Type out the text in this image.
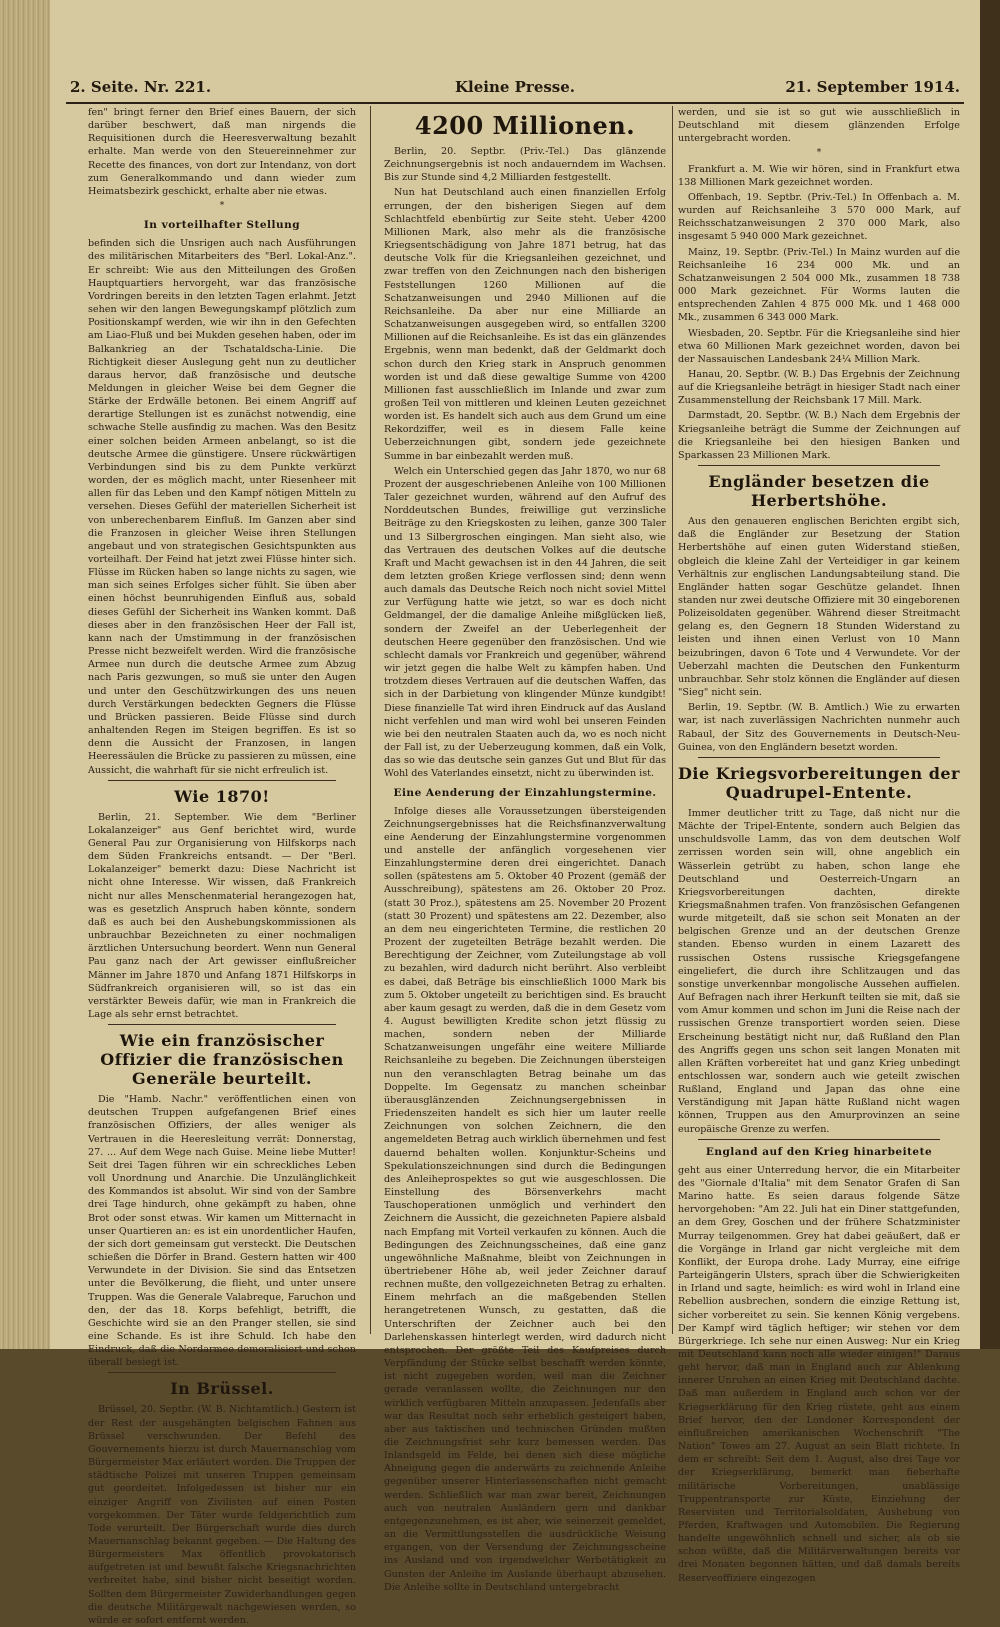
2. Seite. Nr. 221.	Kleine Presse.	21. September 1914.

fen" bringt ferner den Brief eines Bauern, der sich darüber beschwert, daß man nirgends die Requisitionen durch die Heeresverwaltung bezahlt erhalte. Man werde von den Steuereinnehmer zur Recette des finances, von dort zur Intendanz, von dort zum Generalkommando und dann wieder zum Heimatsbezirk geschickt, erhalte aber nie etwas.

*
In vorteilhafter Stellung

befinden sich die Unsrigen auch nach Ausführungen des militärischen Mitarbeiters des "Berl. Lokal-Anz.". Er schreibt: Wie aus den Mitteilungen des Großen Hauptquartiers hervorgeht, war das französische Vordringen bereits in den letzten Tagen erlahmt. Jetzt sehen wir den langen Bewegungskampf plötzlich zum Positionskampf werden, wie wir ihn in den Gefechten am Liao-Fluß und bei Mukden gesehen haben, oder im Balkankrieg an der Tschataldscha-Linie. Die Richtigkeit dieser Auslegung geht nun zu deutlicher daraus hervor, daß französische und deutsche Meldungen in gleicher Weise bei dem Gegner die Stärke der Erdwälle betonen. Bei einem Angriff auf derartige Stellungen ist es zunächst notwendig, eine schwache Stelle ausfindig zu machen. Was den Besitz einer solchen beiden Armeen anbelangt, so ist die deutsche Armee die günstigere. Unsere rückwärtigen Verbindungen sind bis zu dem Punkte verkürzt worden, der es möglich macht, unter Riesenheer mit allen für das Leben und den Kampf nötigen Mitteln zu versehen. Dieses Gefühl der materiellen Sicherheit ist von unberechenbarem Einfluß. Im Ganzen aber sind die Franzosen in gleicher Weise ihren Stellungen angebaut und von strategischen Gesichtspunkten aus vorteilhaft. Der Feind hat jetzt zwei Flüsse hinter sich. Flüsse im Rücken haben so lange nichts zu sagen, wie man sich seines Erfolges sicher fühlt. Sie üben aber einen höchst beunruhigenden Einfluß aus, sobald dieses Gefühl der Sicherheit ins Wanken kommt. Daß dieses aber in den französischen Heer der Fall ist, kann nach der Umstimmung in der französischen Presse nicht bezweifelt werden. Wird die französische Armee nun durch die deutsche Armee zum Abzug nach Paris gezwungen, so muß sie unter den Augen und unter den Geschützwirkungen des uns neuen durch Verstärkungen bedeckten Gegners die Flüsse und Brücken passieren. Beide Flüsse sind durch anhaltenden Regen im Steigen begriffen. Es ist so denn die Aussicht der Franzosen, in langen Heeressäulen die Brücke zu passieren zu müssen, eine Aussicht, die wahrhaft für sie nicht erfreulich ist.

Wie 1870!

Berlin, 21. September. Wie dem "Berliner Lokalanzeiger" aus Genf berichtet wird, wurde General Pau zur Organisierung von Hilfskorps nach dem Süden Frankreichs entsandt. — Der "Berl. Lokalanzeiger" bemerkt dazu: Diese Nachricht ist nicht ohne Interesse. Wir wissen, daß Frankreich nicht nur alles Menschenmaterial herangezogen hat, was es gesetzlich Anspruch haben könnte, sondern daß es auch bei den Aushebungskommissionen als unbrauchbar Bezeichneten zu einer nochmaligen ärztlichen Untersuchung beordert. Wenn nun General Pau ganz nach der Art gewisser einflußreicher Männer im Jahre 1870 und Anfang 1871 Hilfskorps in Südfrankreich organisieren will, so ist das ein verstärkter Beweis dafür, wie man in Frankreich die Lage als sehr ernst betrachtet.

Wie ein französischer Offizier die französischen Generäle beurteilt.

Die "Hamb. Nachr." veröffentlichen einen von deutschen Truppen aufgefangenen Brief eines französischen Offiziers, der alles weniger als Vertrauen in die Heeresleitung verrät: Donnerstag, 27. ... Auf dem Wege nach Guise. Meine liebe Mutter! Seit drei Tagen führen wir ein schreckliches Leben voll Unordnung und Anarchie. Die Unzulänglichkeit des Kommandos ist absolut. Wir sind von der Sambre drei Tage hindurch, ohne gekämpft zu haben, ohne Brot oder sonst etwas. Wir kamen um Mitternacht in unser Quartieren an: es ist ein unordentlicher Haufen, der sich dort gemeinsam gut versteckt. Die Deutschen schießen die Dörfer in Brand. Gestern hatten wir 400 Verwundete in der Division. Sie sind das Entsetzen unter die Bevölkerung, die flieht, und unter unsere Truppen. Was die Generale Valabreque, Faruchon und den, der das 18. Korps befehligt, betrifft, die Geschichte wird sie an den Pranger stellen, sie sind eine Schande. Es ist ihre Schuld. Ich habe den Eindruck, daß die Nordarmee demoralisiert und schon überall besiegt ist.

In Brüssel.

Brüssel, 20. Septbr. (W. B. Nichtamtlich.) Gestern ist der Rest der ausgehängten belgischen Fahnen aus Brüssel verschwunden. Der Befehl des Gouvernements hierzu ist durch Mauernanschlag vom Bürgermeister Max erläutert worden. Die Truppen der städtische Polizei mit unseren Truppen gemeinsam gut geordeitet. Infolgedessen ist bisher nur ein einziger Angriff von Zivilisten auf einen Posten vorgekommen. Der Täter wurde feldgerichtlich zum Tode verurteilt. Der Bürgerschaft wurde dies durch Mauernanschlag bekannt gegeben. — Die Haltung des Bürgermeisters Max öffentlich provokatorisch aufgetreten ist und bewußt falsche Kriegsnachrichten verbreitet habe, sind bisher nicht beseitigt worden. Sollten dem Bürgermeister Zuwiderhandlungen gegen die deutsche Militärgewalt nachgewiesen werden, so würde er sofort entfernt werden.

4200 Millionen.

Berlin, 20. Septbr. (Priv.-Tel.) Das glänzende Zeichnungsergebnis ist noch andauerndem im Wachsen. Bis zur Stunde sind 4,2 Milliarden festgestellt.

Nun hat Deutschland auch einen finanziellen Erfolg errungen, der den bisherigen Siegen auf dem Schlachtfeld ebenbürtig zur Seite steht. Ueber 4200 Millionen Mark, also mehr als die französische Kriegsentschädigung von Jahre 1871 betrug, hat das deutsche Volk für die Kriegsanleihen gezeichnet, und zwar treffen von den Zeichnungen nach den bisherigen Feststellungen 1260 Millionen auf die Schatzanweisungen und 2940 Millionen auf die Reichsanleihe. Da aber nur eine Milliarde an Schatzanweisungen ausgegeben wird, so entfallen 3200 Millionen auf die Reichsanleihe. Es ist das ein glänzendes Ergebnis, wenn man bedenkt, daß der Geldmarkt doch schon durch den Krieg stark in Anspruch genommen worden ist und daß diese gewaltige Summe von 4200 Millionen fast ausschließlich im Inlande und zwar zum großen Teil von mittleren und kleinen Leuten gezeichnet worden ist. Es handelt sich auch aus dem Grund um eine Rekordziffer, weil es in diesem Falle keine Ueberzeichnungen gibt, sondern jede gezeichnete Summe in bar einbezahlt werden muß.

Welch ein Unterschied gegen das Jahr 1870, wo nur 68 Prozent der ausgeschriebenen Anleihe von 100 Millionen Taler gezeichnet wurden, während auf den Aufruf des Norddeutschen Bundes, freiwillige gut verzinsliche Beiträge zu den Kriegskosten zu leihen, ganze 300 Taler und 13 Silbergroschen eingingen. Man sieht also, wie das Vertrauen des deutschen Volkes auf die deutsche Kraft und Macht gewachsen ist in den 44 Jahren, die seit dem letzten großen Kriege verflossen sind; denn wenn auch damals das Deutsche Reich noch nicht soviel Mittel zur Verfügung hatte wie jetzt, so war es doch nicht Geldmangel, der die damalige Anleihe mißglücken ließ, sondern der Zweifel an der Ueberlegenheit der deutschen Heere gegenüber den französischen. Und wie schlecht damals vor Frankreich und gegenüber, während wir jetzt gegen die halbe Welt zu kämpfen haben. Und trotzdem dieses Vertrauen auf die deutschen Waffen, das sich in der Darbietung von klingender Münze kundgibt! Diese finanzielle Tat wird ihren Eindruck auf das Ausland nicht verfehlen und man wird wohl bei unseren Feinden wie bei den neutralen Staaten auch da, wo es noch nicht der Fall ist, zu der Ueberzeugung kommen, daß ein Volk, das so wie das deutsche sein ganzes Gut und Blut für das Wohl des Vaterlandes einsetzt, nicht zu überwinden ist.

Eine Aenderung der Einzahlungstermine.

Infolge dieses alle Voraussetzungen übersteigenden Zeichnungsergebnisses hat die Reichsfinanzverwaltung eine Aenderung der Einzahlungstermine vorgenommen und anstelle der anfänglich vorgesehenen vier Einzahlungstermine deren drei eingerichtet. Danach sollen (spätestens am 5. Oktober 40 Prozent (gemäß der Ausschreibung), spätestens am 26. Oktober 20 Proz. (statt 30 Proz.), spätestens am 25. November 20 Prozent (statt 30 Prozent) und spätestens am 22. Dezember, also an dem neu eingerichteten Termine, die restlichen 20 Prozent der zugeteilten Beträge bezahlt werden. Die Berechtigung der Zeichner, vom Zuteilungstage ab voll zu bezahlen, wird dadurch nicht berührt. Also verbleibt es dabei, daß Beträge bis einschließlich 1000 Mark bis zum 5. Oktober ungeteilt zu berichtigen sind. Es braucht aber kaum gesagt zu werden, daß die in dem Gesetz vom 4. August bewilligten Kredite schon jetzt flüssig zu machen, sondern neben der Milliarde Schatzanweisungen ungefähr eine weitere Milliarde Reichsanleihe zu begeben. Die Zeichnungen übersteigen nun den veranschlagten Betrag beinahe um das Doppelte. Im Gegensatz zu manchen scheinbar überausglänzenden Zeichnungsergebnissen in Friedenszeiten handelt es sich hier um lauter reelle Zeichnungen von solchen Zeichnern, die den angemeldeten Betrag auch wirklich übernehmen und fest dauernd behalten wollen. Konjunktur-Scheins und Spekulationszeichnungen sind durch die Bedingungen des Anleiheprospektes so gut wie ausgeschlossen. Die Einstellung des Börsenverkehrs macht Tauschoperationen unmöglich und verhindert den Zeichnern die Aussicht, die gezeichneten Papiere alsbald nach Empfang mit Vorteil verkaufen zu können. Auch die Bedingungen des Zeichnungsscheines, daß eine ganz ungewöhnliche Maßnahme, bleibt von Zeichnungen in übertriebener Höhe ab, weil jeder Zeichner darauf rechnen mußte, den vollgezeichneten Betrag zu erhalten. Einem mehrfach an die maßgebenden Stellen herangetretenen Wunsch, zu gestatten, daß die Unterschriften der Zeichner auch bei den Darlehenskassen hinterlegt werden, wird dadurch nicht entsprochen. Der größte Teil des Kaufpreises durch Verpfändung der Stücke selbst beschafft werden könnte, ist nicht zugegeben worden, weil man die Zeichner gerade veranlassen wollte, die Zeichnungen nur den wirklich verfügbaren Mitteln anzupassen. Jedenfalls aber war das Resultat noch sehr erheblich gesteigert haben, aber aus taktischen und technischen Gründen mußten die Zeichnungsfrist sehr kurz bemessen werden. Das Inlandsgeld im Felde, bei denen sich diese mögliche Abneigung gegen die anderwärts zu zeichnende Anleihe gegenüber unserer Hinterlassenschaften nicht gemacht werden. Schließlich war man zwar bereit, Zeichnungen auch von neutralen Ausländern gern und dankbar entgegenzunehmen, es ist aber, wie seinerzeit gemeldet, an die Vermittlungsstellen die ausdrückliche Weisung ergangen, von der Versendung der Zeichnungsscheine ins Ausland und von irgendwelcher Werbetätigkeit zu Gunsten der Anleihe im Auslande überhaupt abzusehen. Die Anleihe sollte in Deutschland untergebracht

werden, und sie ist so gut wie ausschließlich in Deutschland mit diesem glänzenden Erfolge untergebracht worden.

*

Frankfurt a. M. Wie wir hören, sind in Frankfurt etwa 138 Millionen Mark gezeichnet worden.

Offenbach, 19. Septbr. (Priv.-Tel.) In Offenbach a. M. wurden auf Reichsanleihe 3 570 000 Mark, auf Reichsschatzanweisungen 2 370 000 Mark, also insgesamt 5 940 000 Mark gezeichnet.

Mainz, 19. Septbr. (Priv.-Tel.) In Mainz wurden auf die Reichsanleihe 16 234 000 Mk. und an Schatzanweisungen 2 504 000 Mk., zusammen 18 738 000 Mark gezeichnet. Für Worms lauten die entsprechenden Zahlen 4 875 000 Mk. und 1 468 000 Mk., zusammen 6 343 000 Mark.

Wiesbaden, 20. Septbr. Für die Kriegsanleihe sind hier etwa 60 Millionen Mark gezeichnet worden, davon bei der Nassauischen Landesbank 24¼ Million Mark.

Hanau, 20. Septbr. (W. B.) Das Ergebnis der Zeichnung auf die Kriegsanleihe beträgt in hiesiger Stadt nach einer Zusammenstellung der Reichsbank 17 Mill. Mark.

Darmstadt, 20. Septbr. (W. B.) Nach dem Ergebnis der Kriegsanleihe beträgt die Summe der Zeichnungen auf die Kriegsanleihe bei den hiesigen Banken und Sparkassen 23 Millionen Mark.

Engländer besetzen die Herbertshöhe.

Aus den genaueren englischen Berichten ergibt sich, daß die Engländer zur Besetzung der Station Herbertshöhe auf einen guten Widerstand stießen, obgleich die kleine Zahl der Verteidiger in gar keinem Verhältnis zur englischen Landungsabteilung stand. Die Engländer hatten sogar Geschütze gelandet. Ihnen standen nur zwei deutsche Offiziere mit 30 eingeborenen Polizeisoldaten gegenüber. Während dieser Streitmacht gelang es, den Gegnern 18 Stunden Widerstand zu leisten und ihnen einen Verlust von 10 Mann beizubringen, davon 6 Tote und 4 Verwundete. Vor der Ueberzahl machten die Deutschen den Funkenturm unbrauchbar. Sehr stolz können die Engländer auf diesen "Sieg" nicht sein.

Berlin, 19. Septbr. (W. B. Amtlich.) Wie zu erwarten war, ist nach zuverlässigen Nachrichten nunmehr auch Rabaul, der Sitz des Gouvernements in Deutsch-Neu-Guinea, von den Engländern besetzt worden.

Die Kriegsvorbereitungen der Quadrupel-Entente.

Immer deutlicher tritt zu Tage, daß nicht nur die Mächte der Tripel-Entente, sondern auch Belgien das unschuldsvolle Lamm, das von dem deutschen Wolf zerrissen worden sein will, ohne angeblich ein Wässerlein getrübt zu haben, schon lange ehe Deutschland und Oesterreich-Ungarn an Kriegsvorbereitungen dachten, direkte Kriegsmaßnahmen trafen. Von französischen Gefangenen wurde mitgeteilt, daß sie schon seit Monaten an der belgischen Grenze und an der deutschen Grenze standen. Ebenso wurden in einem Lazarett des russischen Ostens russische Kriegsgefangene eingeliefert, die durch ihre Schlitzaugen und das sonstige unverkennbar mongolische Aussehen auffielen. Auf Befragen nach ihrer Herkunft teilten sie mit, daß sie vom Amur kommen und schon im Juni die Reise nach der russischen Grenze transportiert worden seien. Diese Erscheinung bestätigt nicht nur, daß Rußland den Plan des Angriffs gegen uns schon seit langen Monaten mit allen Kräften vorbereitet hat und ganz Krieg unbedingt entschlossen war, sondern auch wie geteilt zwischen Rußland, England und Japan das ohne eine Verständigung mit Japan hätte Rußland nicht wagen können, Truppen aus den Amurprovinzen an seine europäische Grenze zu werfen.

England auf den Krieg hinarbeitete

geht aus einer Unterredung hervor, die ein Mitarbeiter des "Giornale d'Italia" mit dem Senator Grafen di San Marino hatte. Es seien daraus folgende Sätze hervorgehoben: "Am 22. Juli hat ein Diner stattgefunden, an dem Grey, Goschen und der frühere Schatzminister Murray teilgenommen. Grey hat dabei geäußert, daß er die Vorgänge in Irland gar nicht vergleiche mit dem Konflikt, der Europa drohe. Lady Murray, eine eifrige Parteigängerin Ulsters, sprach über die Schwierigkeiten in Irland und sagte, heimlich: es wird wohl in Irland eine Rebellion ausbrechen, sondern die einzige Rettung ist, sicher vorbereitet zu sein. Sie kennen König vergebens. Der Kampf wird täglich heftiger; wir stehen vor dem Bürgerkriege. Ich sehe nur einen Ausweg: Nur ein Krieg mit Deutschland kann noch alle wieder einigen!" Daraus geht hervor, daß man in England auch zur Ablenkung innerer Unruhen an einen Krieg mit Deutschland dachte. Daß man außerdem in England auch schon vor der Kriegserklärung für den Krieg rüstete, geht aus einem Brief hervor, den der Londoner Korrespondent der einflußreichen amerikanischen Wochenschrift "The Nation" Towes am 27. August an sein Blatt richtete. In dem er schreibt: Seit dem 1. August, also drei Tage vor der Kriegserklärung, bemerkt man fieberhafte militärische Vorbereitungen, unablässige Truppentransporte zur Küste, Einziehung der Reservisten und Territorialsoldaten, Aushebung von Pferden, Kraftwagen und Automobilen. Die Regierung handelte ungewöhnlich schnell und sicher, als ob sie schon wüßte, daß die Militärverwaltungen bereits vor drei Monaten begonnen hätten, und daß damals bereits Reserveoffiziere eingezogen
